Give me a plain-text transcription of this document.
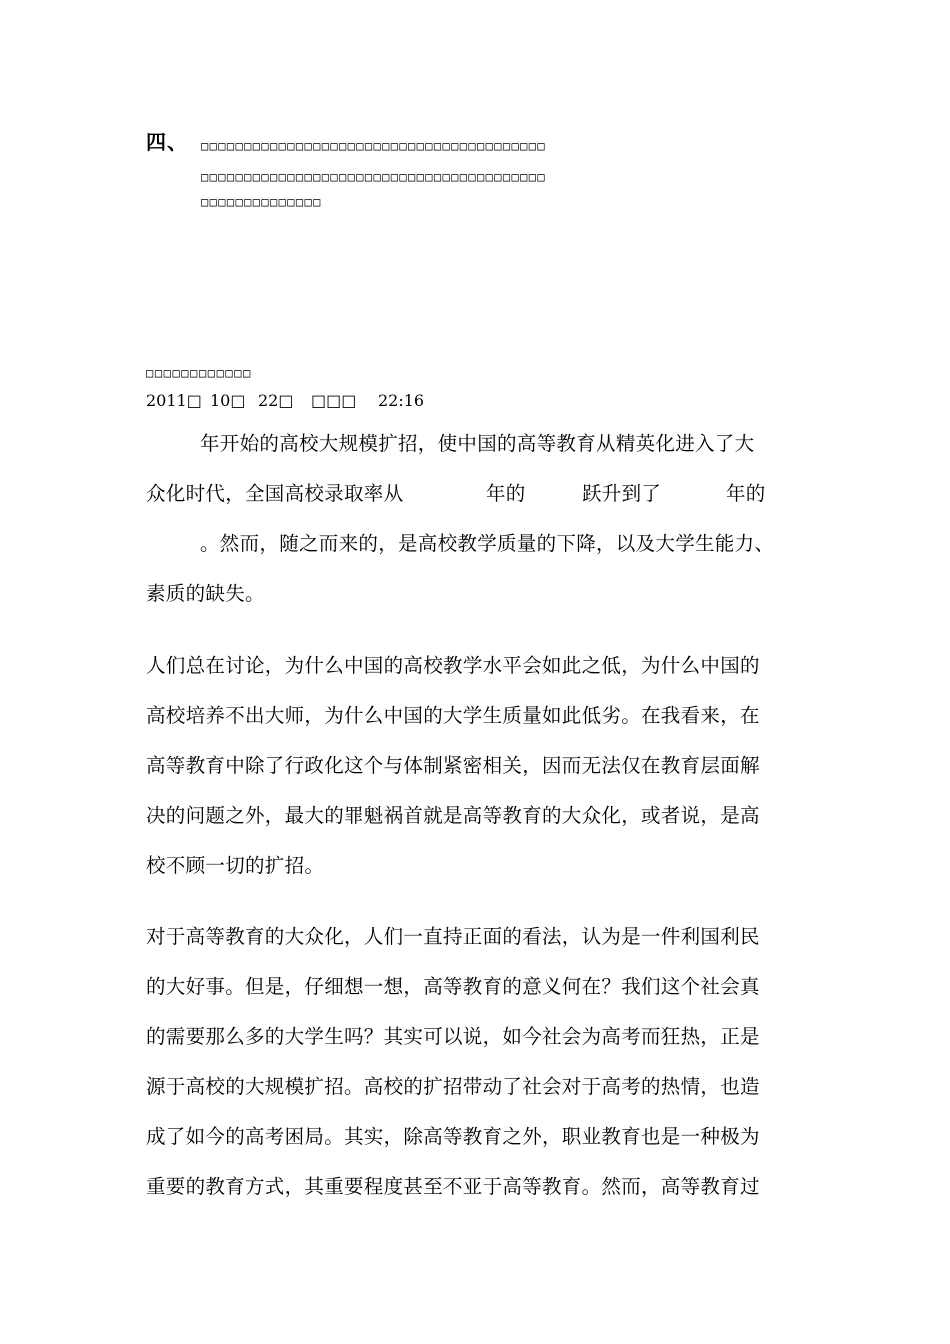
四、 □□□□□□□□□□□□□□□□□□□□□□□□□□□□□□□□□□□□□□□□
□□□□□□□□□□□□□□□□□□□□□□□□□□□□□□□□□□□□□□□□
□□□□□□□□□□□□□□
□□□□□□□□□□□□
2011□ 10□ 22□ □□□ 22:16
年开始的高校大规模扩招，使中国的高等教育从精英化进入了大
众化时代，全国高校录取率从	年的	跃升到了	年的
。然而，随之而来的，是高校教学质量的下降，以及大学生能力、
素质的缺失。
人们总在讨论，为什么中国的高校教学水平会如此之低，为什么中国的
高校培养不出大师，为什么中国的大学生质量如此低劣。在我看来，在
高等教育中除了行政化这个与体制紧密相关，因而无法仅在教育层面解
决的问题之外，最大的罪魁祸首就是高等教育的大众化，或者说，是高
校不顾一切的扩招。
对于高等教育的大众化，人们一直持正面的看法，认为是一件利国利民
的大好事。但是，仔细想一想，高等教育的意义何在？我们这个社会真
的需要那么多的大学生吗？其实可以说，如今社会为高考而狂热，正是
源于高校的大规模扩招。高校的扩招带动了社会对于高考的热情，也造
成了如今的高考困局。其实，除高等教育之外，职业教育也是一种极为
重要的教育方式，其重要程度甚至不亚于高等教育。然而，高等教育过
